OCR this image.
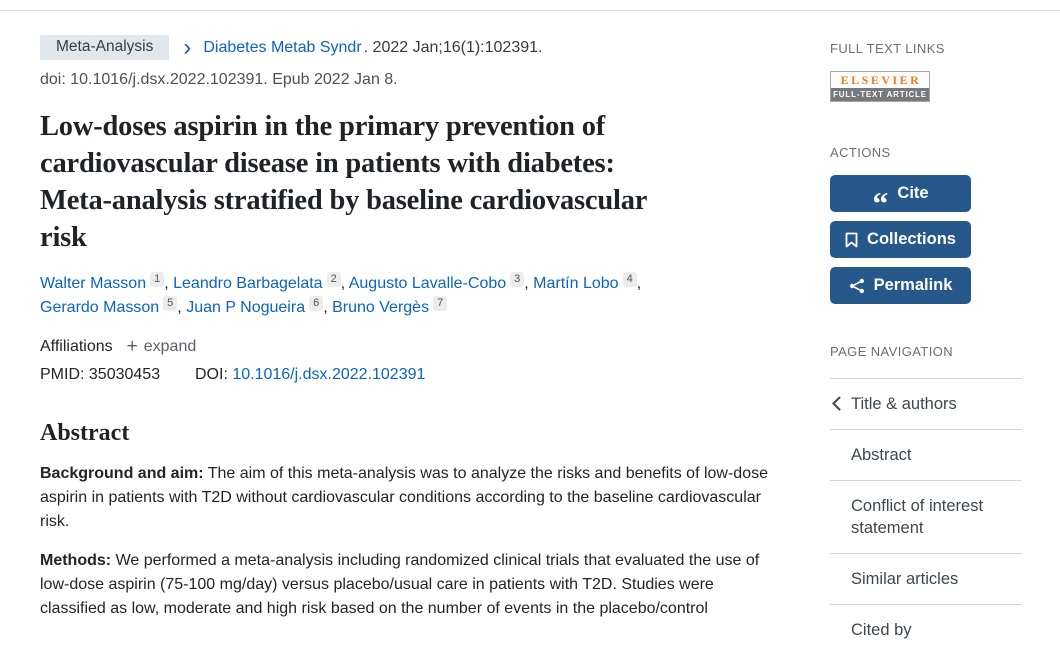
Meta-Analysis	› Diabetes Metab Syndr . 2022 Jan;16(1):102391.
doi: 10.1016/j.dsx.2022.102391. Epub 2022 Jan 8.
Low-doses aspirin in the primary prevention of
cardiovascular disease in patients with diabetes:
Meta-analysis stratified by baseline cardiovascular
risk
Walter Masson 1 , Leandro Barbagelata 2 , Augusto Lavalle-Cobo 3 , Martín Lobo 4 , Gerardo Masson 5 , Juan P Nogueira 6 , Bruno Vergès 7
Affiliations + expand
PMID: 35030453 DOI: 10.1016/j.dsx.2022.102391
Abstract

Background and aim: The aim of this meta-analysis was to analyze the risks and benefits of low-dose aspirin in patients with T2D without cardiovascular conditions according to the baseline cardiovascular risk.

Methods: We performed a meta-analysis including randomized clinical trials that evaluated the use of low-dose aspirin (75-100 mg/day) versus placebo/usual care in patients with T2D. Studies were classified as low, moderate and high risk based on the number of events in the placebo/control

FULL TEXT LINKS
ELSEVIER
FULL-TEXT ARTICLE
ACTIONS
“ Cite
Collections
Permalink
PAGE NAVIGATION
Title & authors
Abstract
Conflict of interest statement
Similar articles
Cited by
